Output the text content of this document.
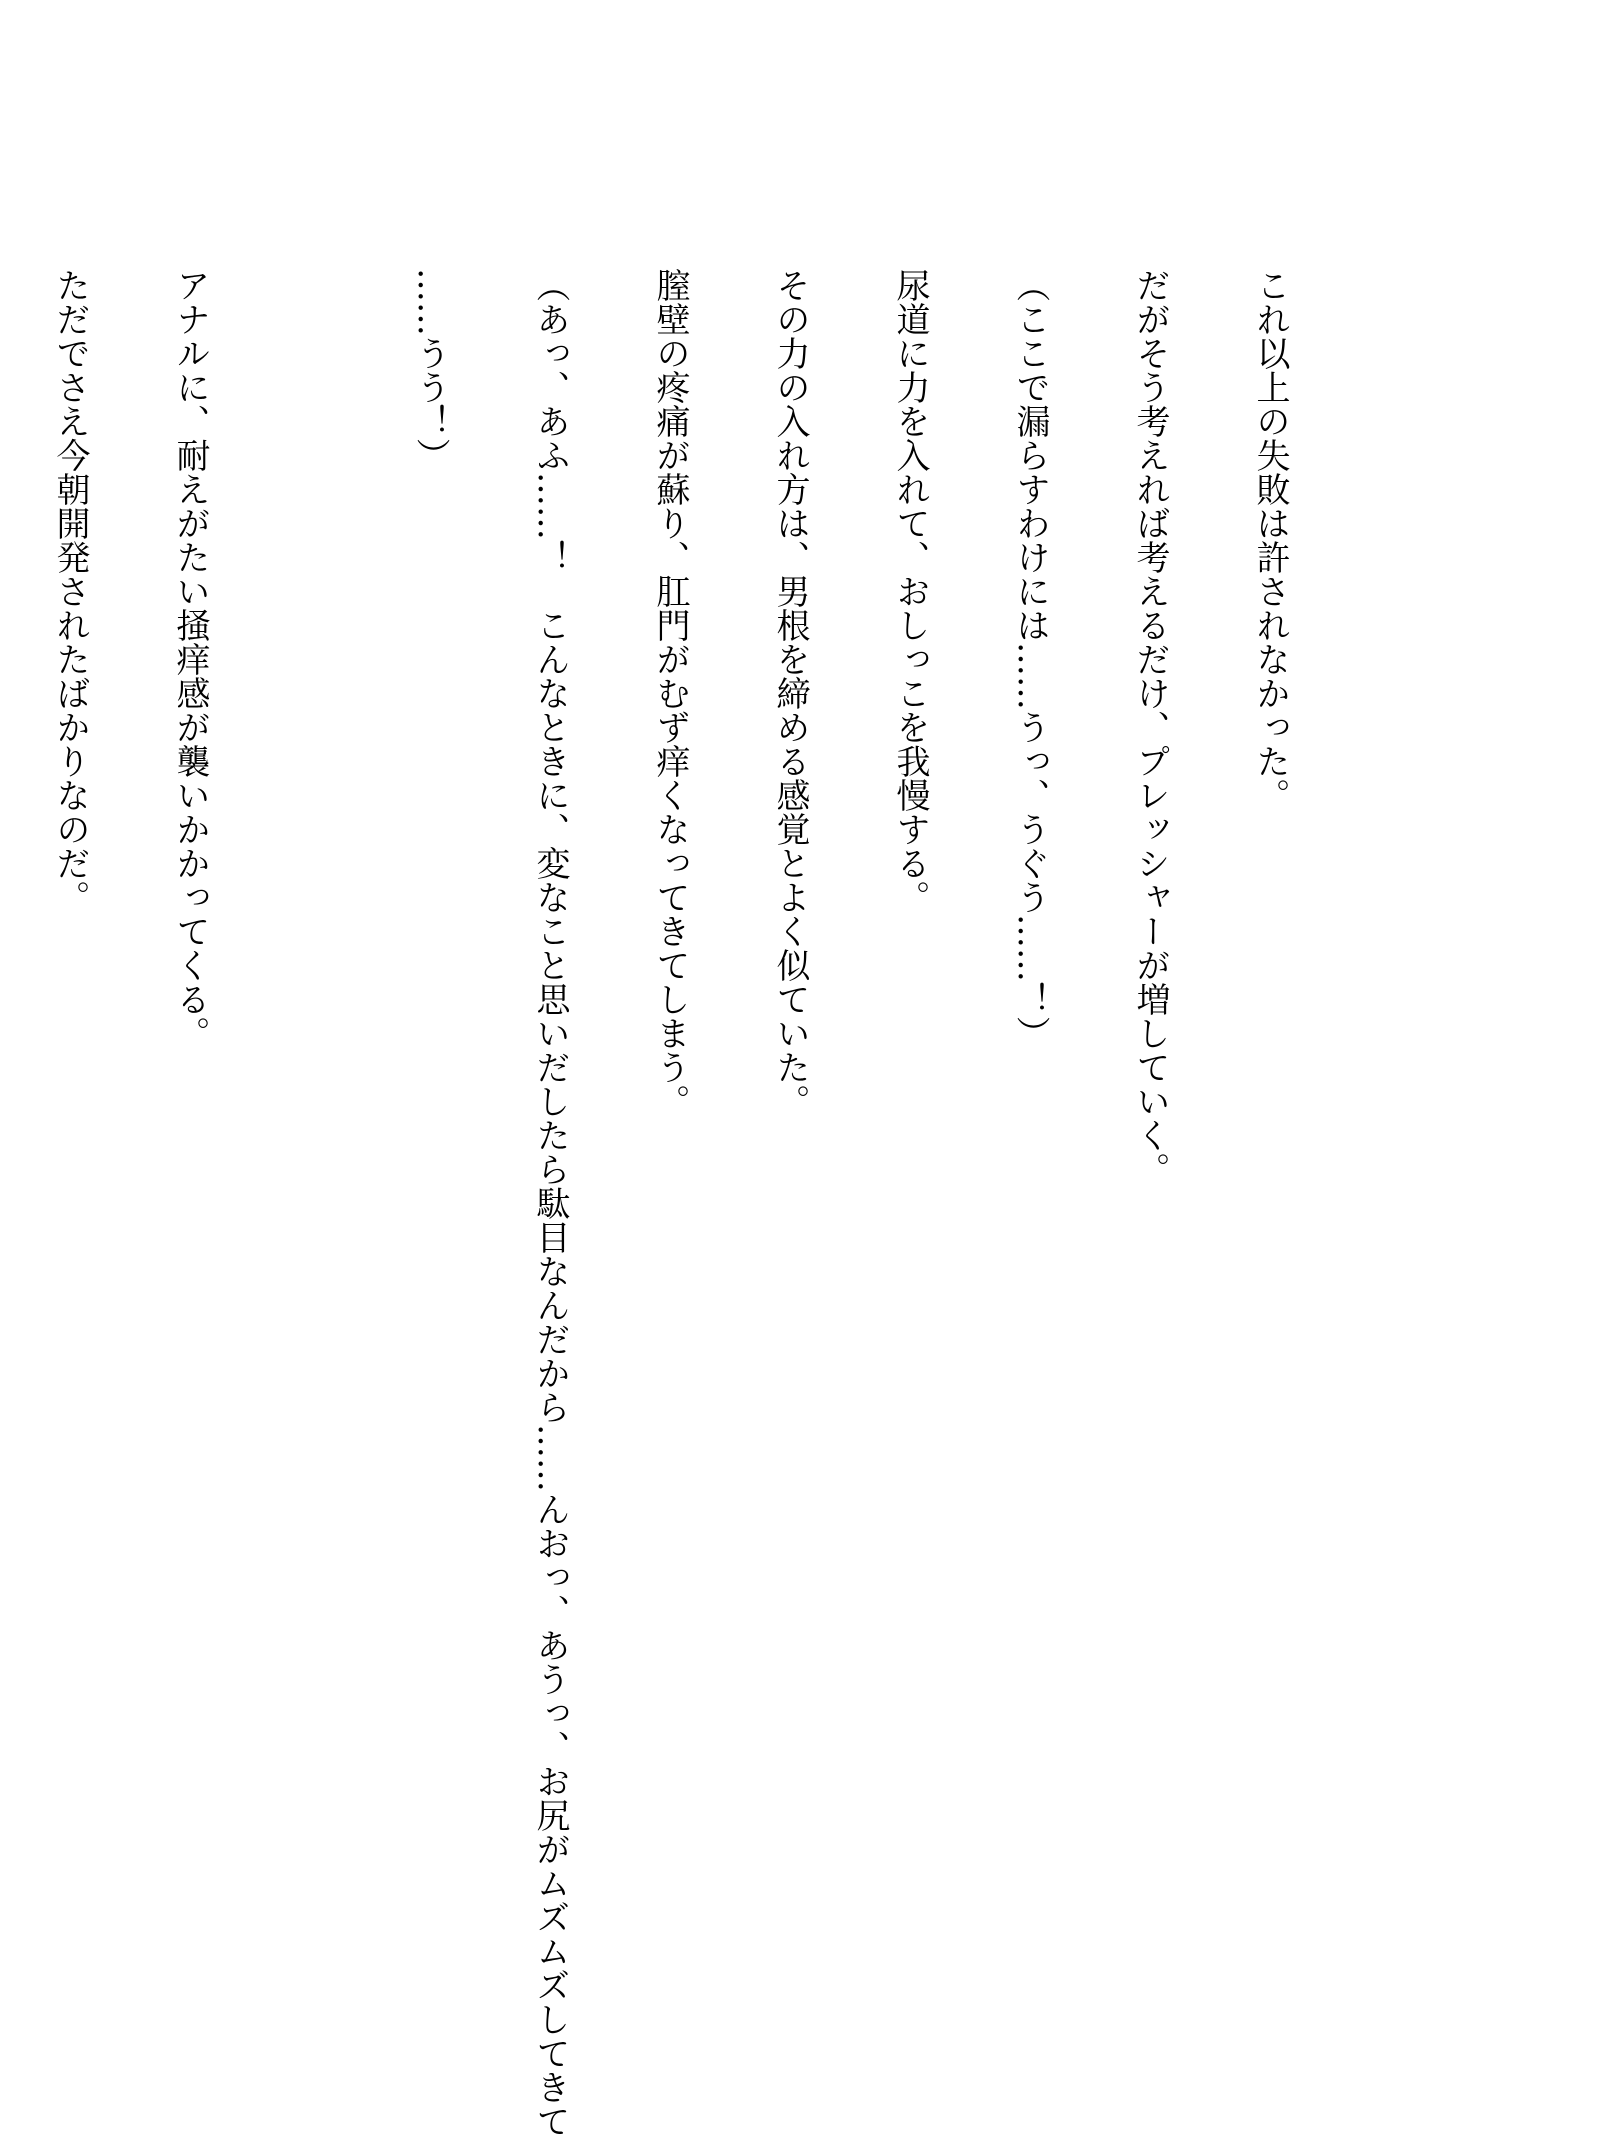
これ以上の失敗は許されなかった。

だがそう考えれば考えるだけ、プレッシャーが増していく。

（ここで漏らすわけには……うっ、うぐう……！）

尿道に力を入れて、おしっこを我慢する。

その力の入れ方は、男根を締める感覚とよく似ていた。

膣壁の疼痛が蘇り、肛門がむず痒くなってきてしまう。

（あっ、あふ……！　こんなときに、変なこと思いだしたら駄目なんだから……んおっ、あうっ、お尻がムズムズしてきて

……うう！）

アナルに、耐えがたい掻痒感が襲いかかってくる。

ただでさえ今朝開発されたばかりなのだ。
